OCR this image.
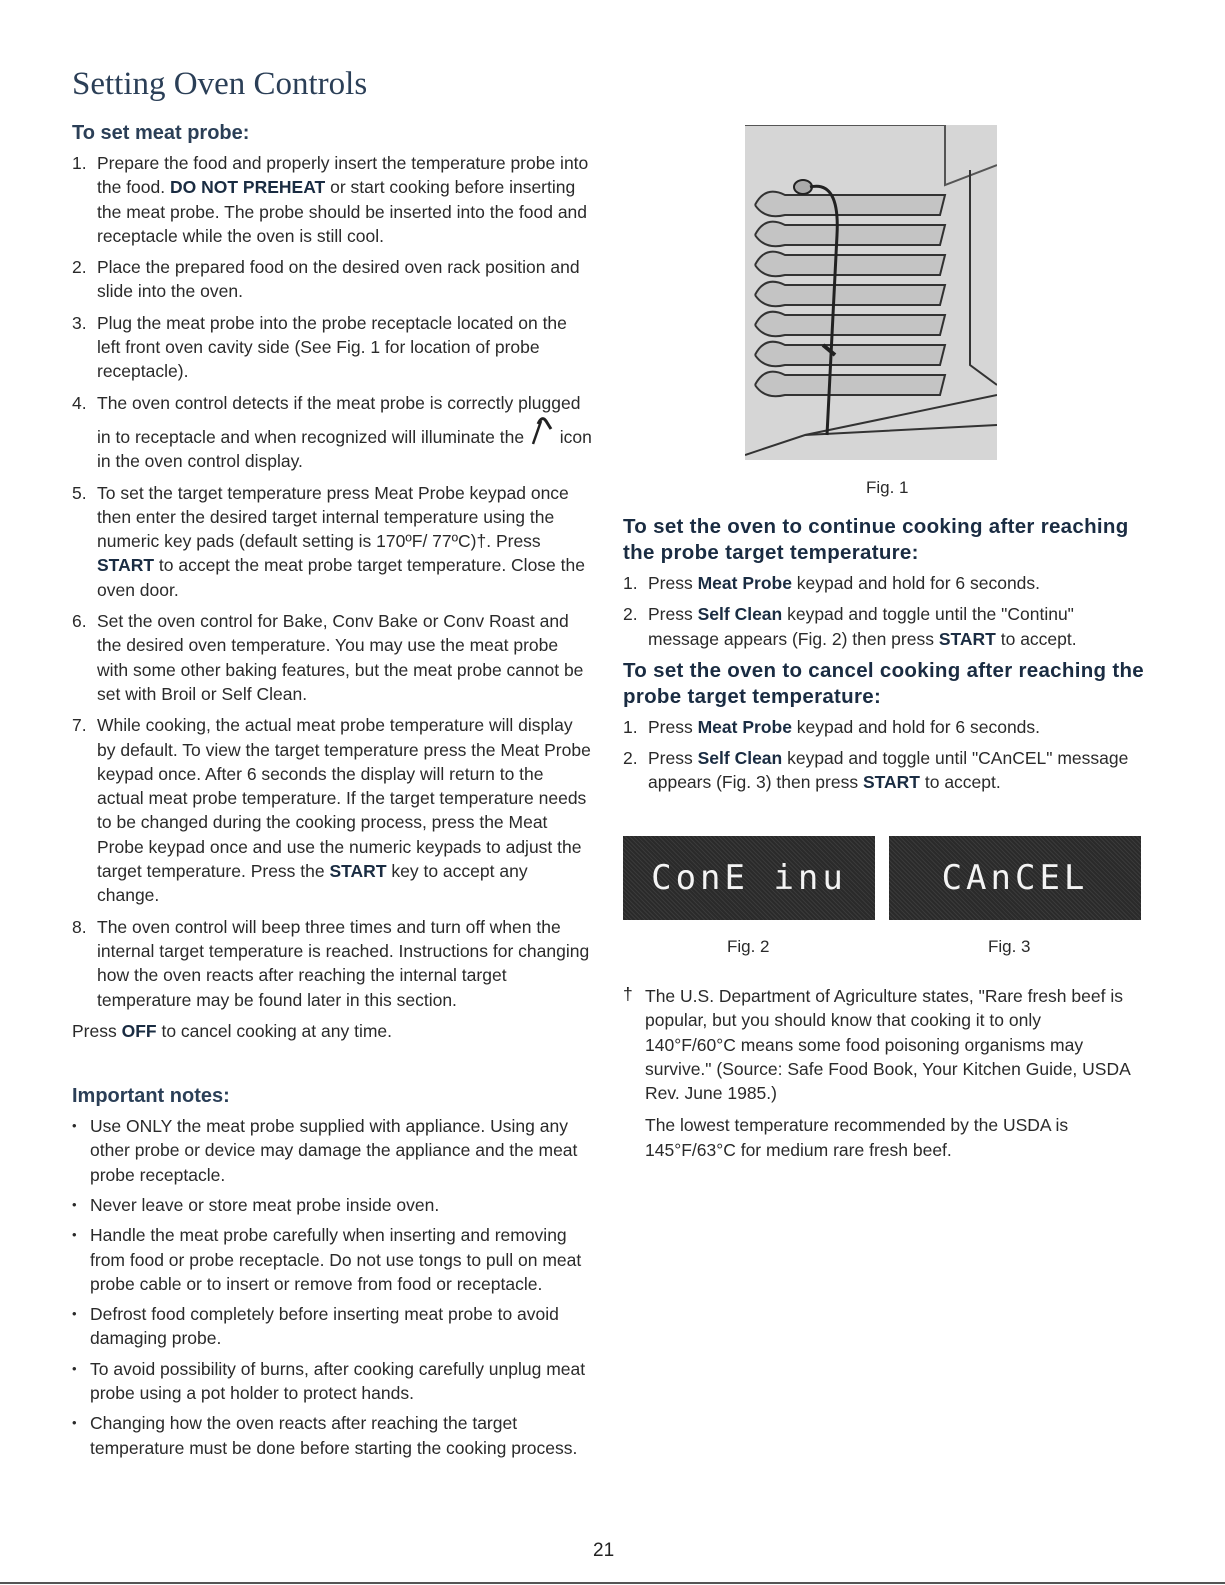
Setting Oven Controls
To set meat probe:
1. Prepare the food and properly insert the temperature probe into the food. DO NOT PREHEAT or start cooking before inserting the meat probe. The probe should be inserted into the food and receptacle while the oven is still cool.
2. Place the prepared food on the desired oven rack position and slide into the oven.
3. Plug the meat probe into the probe receptacle located on the left front oven cavity side (See Fig. 1 for location of probe receptacle).
4. The oven control detects if the meat probe is correctly plugged in to receptacle and when recognized will illuminate the  icon in the oven control display.
5. To set the target temperature press Meat Probe keypad once then enter the desired target internal temperature using the numeric key pads (default setting is 170ºF/ 77ºC)†. Press START to accept the meat probe target temperature. Close the oven door.
6. Set the oven control for Bake, Conv Bake or Conv Roast and the desired oven temperature. You may use the meat probe with some other baking features, but the meat probe cannot be set with Broil or Self Clean.
7. While cooking, the actual meat probe temperature will display by default. To view the target temperature press the Meat Probe keypad once. After 6 seconds the display will return to the actual meat probe temperature. If the target temperature needs to be changed during the cooking process, press the Meat Probe keypad once and use the numeric keypads to adjust the target temperature. Press the START key to accept any change.
8. The oven control will beep three times and turn off when the internal target temperature is reached. Instructions for changing how the oven reacts after reaching the internal target temperature may be found later in this section.

Press OFF to cancel cooking at any time.

Important notes:
• Use ONLY the meat probe supplied with appliance. Using any other probe or device may damage the appliance and the meat probe receptacle.
• Never leave or store meat probe inside oven.
• Handle the meat probe carefully when inserting and removing from food or probe receptacle. Do not use tongs to pull on meat probe cable or to insert or remove from food or receptacle.
• Defrost food completely before inserting meat probe to avoid damaging probe.
• To avoid possibility of burns, after cooking carefully unplug meat probe using a pot holder to protect hands.
• Changing how the oven reacts after reaching the target temperature must be done before starting the cooking process.
Fig. 1
To set the oven to continue cooking after reaching the probe target temperature:
1. Press Meat Probe keypad and hold for 6 seconds.
2. Press Self Clean keypad and toggle until the "Continu" message appears (Fig. 2) then press START to accept.
To set the oven to cancel cooking after reaching the probe target temperature:
1. Press Meat Probe keypad and hold for 6 seconds.
2. Press Self Clean keypad and toggle until "CAnCEL" message appears (Fig. 3) then press START to accept.
ConE inu	CAnCEL
Fig. 2	Fig. 3
† The U.S. Department of Agriculture states, "Rare fresh beef is popular, but you should know that cooking it to only 140°F/60°C means some food poisoning organisms may survive." (Source: Safe Food Book, Your Kitchen Guide, USDA Rev. June 1985.)

The lowest temperature recommended by the USDA is 145°F/63°C for medium rare fresh beef.

21
